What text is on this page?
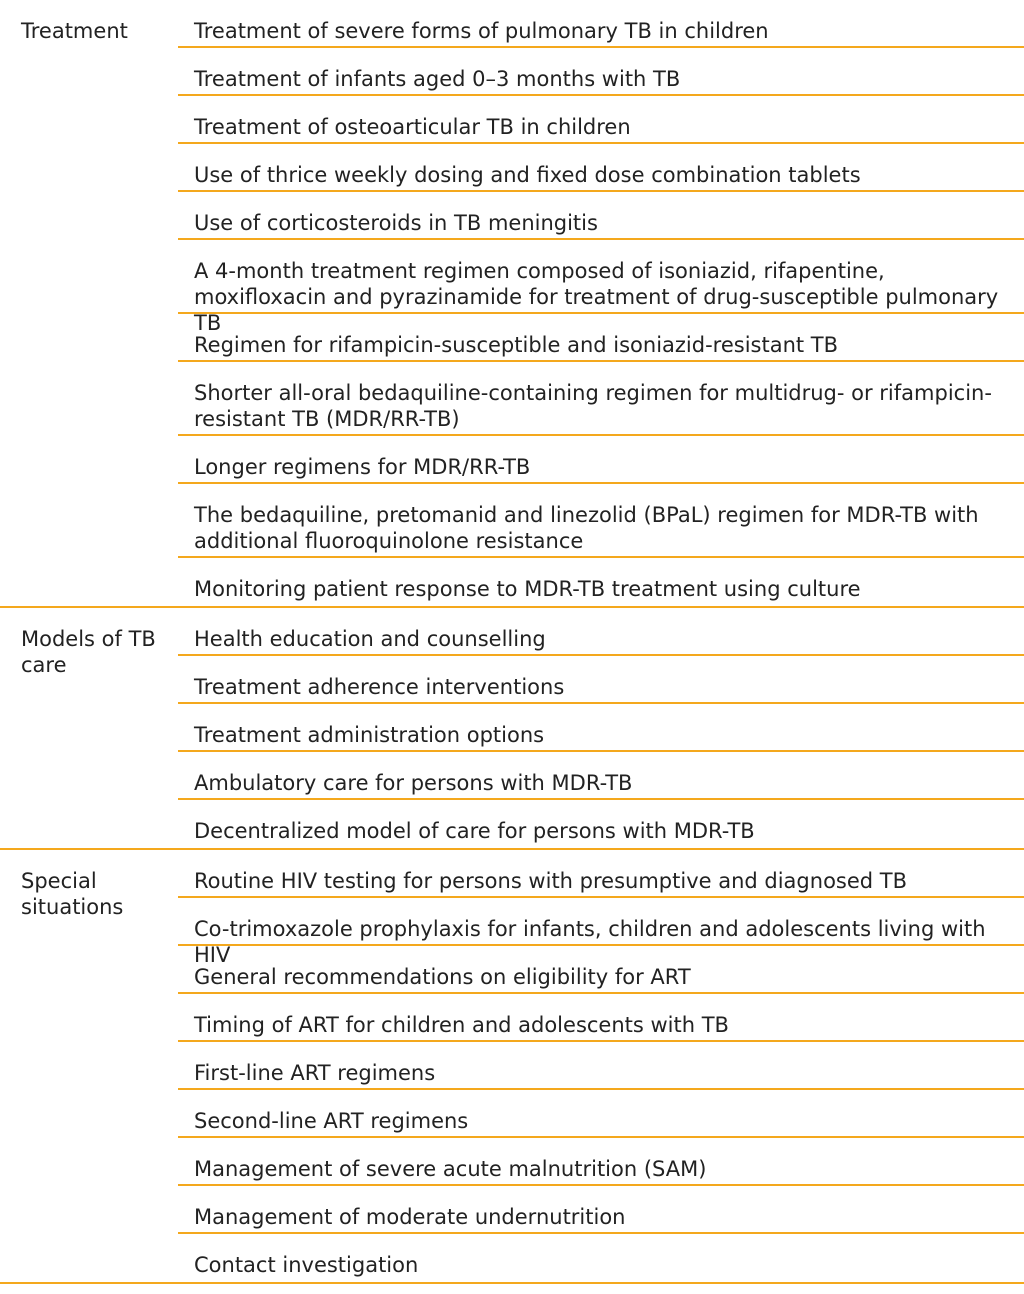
Treatment	Treatment of severe forms of pulmonary TB in children
Treatment of infants aged 0–3 months with TB
Treatment of osteoarticular TB in children
Use of thrice weekly dosing and fixed dose combination tablets
Use of corticosteroids in TB meningitis
A 4-month treatment regimen composed of isoniazid, rifapentine, moxifloxacin and pyrazinamide for treatment of drug-susceptible pulmonary TB
Regimen for rifampicin-susceptible and isoniazid-resistant TB
Shorter all-oral bedaquiline-containing regimen for multidrug- or rifampicin-resistant TB (MDR/RR-TB)
Longer regimens for MDR/RR-TB
The bedaquiline, pretomanid and linezolid (BPaL) regimen for MDR-TB with additional fluoroquinolone resistance
Monitoring patient response to MDR-TB treatment using culture
Models of TB care
Health education and counselling
Treatment adherence interventions
Treatment administration options
Ambulatory care for persons with MDR-TB
Decentralized model of care for persons with MDR-TB
Special situations
Routine HIV testing for persons with presumptive and diagnosed TB
Co-trimoxazole prophylaxis for infants, children and adolescents living with HIV
General recommendations on eligibility for ART
Timing of ART for children and adolescents with TB
First-line ART regimens
Second-line ART regimens
Management of severe acute malnutrition (SAM)
Management of moderate undernutrition
Contact investigation
